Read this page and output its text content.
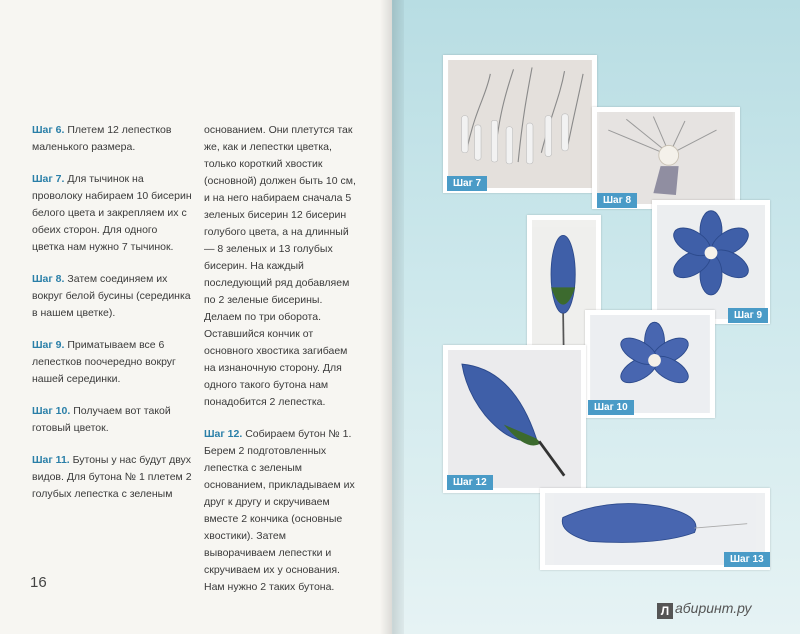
Шаг 6. Плетем 12 лепестков маленького размера.

Шаг 7. Для тычинок на проволоку набираем 10 бисерин белого цвета и закрепляем их с обеих сторон. Для одного цветка нам нужно 7 тычинок.

Шаг 8. Затем соединяем их вокруг белой бусины (серединка в нашем цветке).

Шаг 9. Приматываем все 6 лепестков поочередно вокруг нашей серединки.

Шаг 10. Получаем вот такой готовый цветок.

Шаг 11. Бутоны у нас будут двух видов. Для бутона № 1 плетем 2 голубых лепестка с зеленым

основанием. Они плетутся так же, как и лепестки цветка, только короткий хвостик (основной) должен быть 10 см, и на него набираем сначала 5 зеленых бисерин 12 бисерин голубого цвета, а на длинный — 8 зеленых и 13 голубых бисерин. На каждый последующий ряд добавляем по 2 зеленые бисерины. Делаем по три оборота. Оставшийся кончик от основного хвостика загибаем на изнаночную сторону. Для одного такого бутона нам понадобится 2 лепестка.

Шаг 12. Собираем бутон № 1. Берем 2 подготовленных лепестка с зеленым основанием, прикладываем их друг к другу и скручиваем вместе 2 кончика (основные хвостики). Затем выворачиваем лепестки и скручиваем их у основания. Нам нужно 2 таких бутона.

16
Шаг 7
Шаг 8
Шаг 9
Шаг 10
Шаг 12
Шаг 13
Л абиринт.ру
